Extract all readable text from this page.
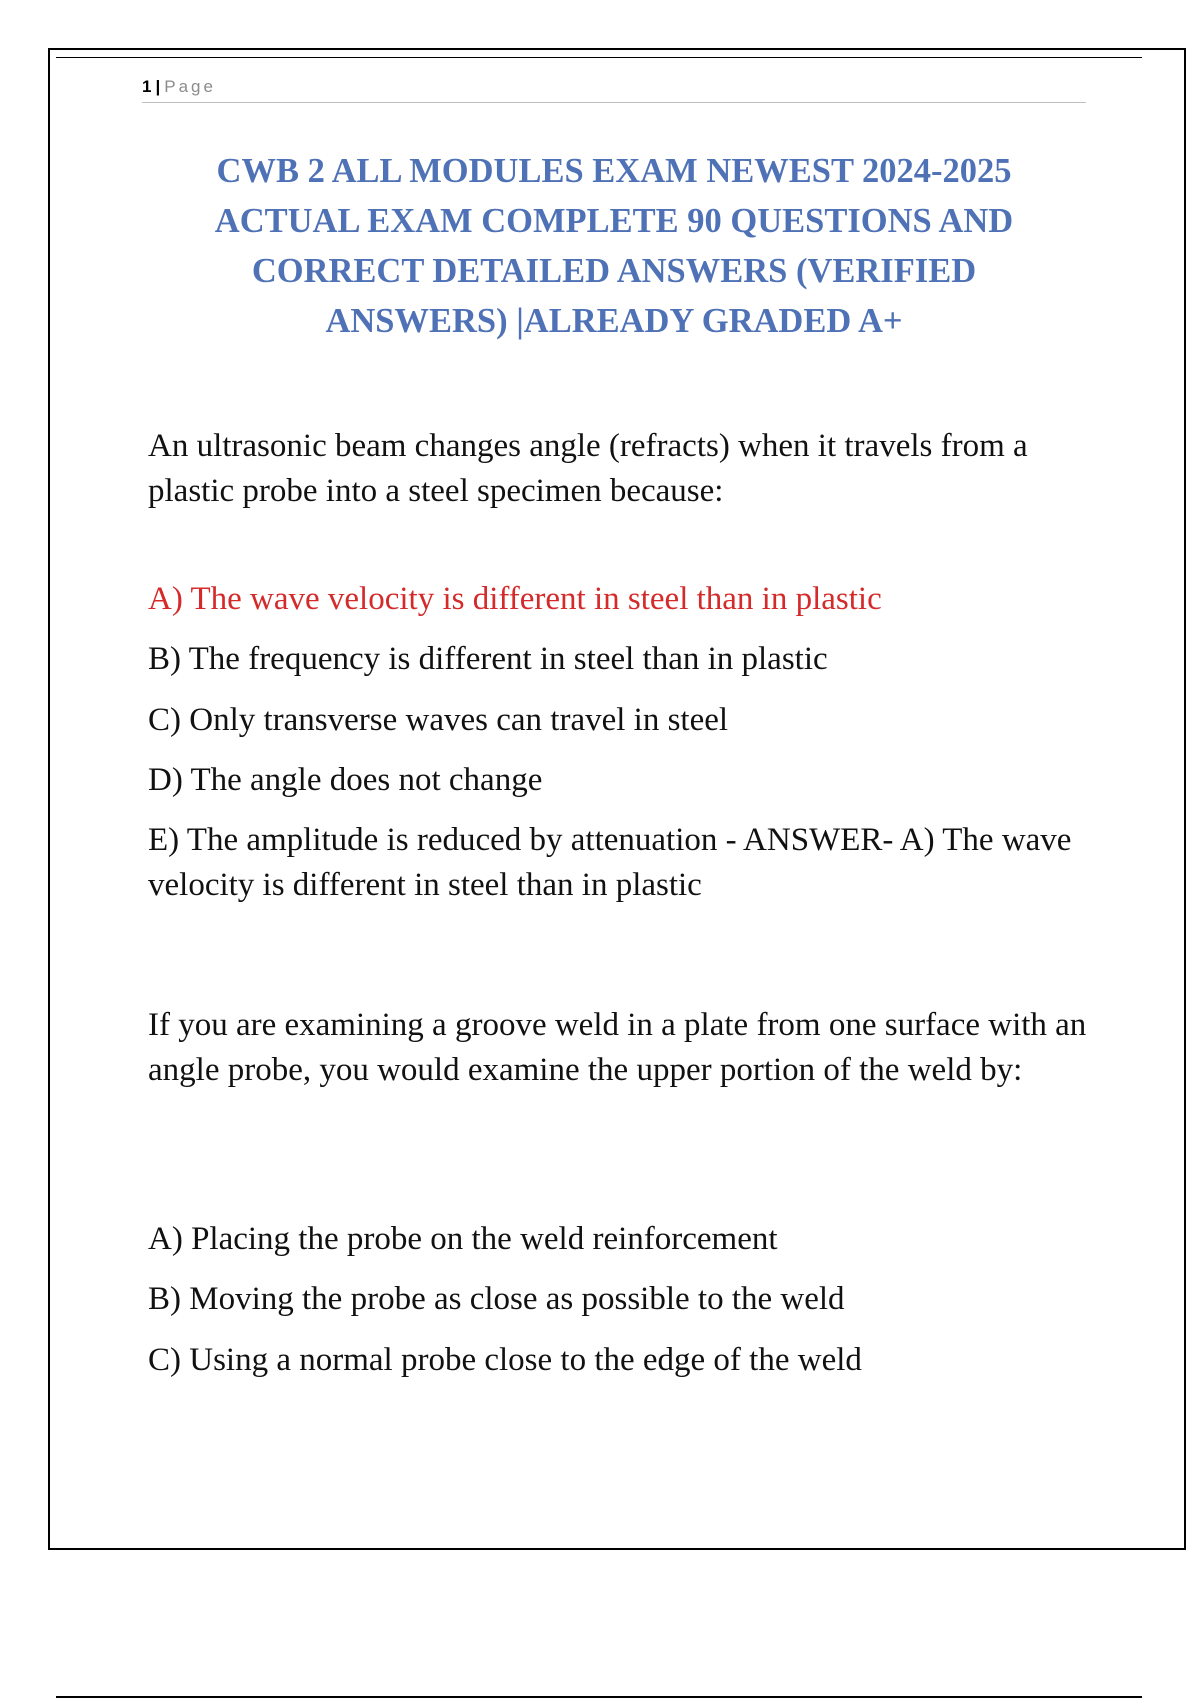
1 | Page
CWB 2 ALL MODULES EXAM NEWEST 2024-2025
ACTUAL EXAM COMPLETE 90 QUESTIONS AND
CORRECT DETAILED ANSWERS (VERIFIED
ANSWERS) |ALREADY GRADED A+

An ultrasonic beam changes angle (refracts) when it travels from a plastic probe into a steel specimen because:

A) The wave velocity is different in steel than in plastic

B) The frequency is different in steel than in plastic

C) Only transverse waves can travel in steel

D) The angle does not change

E) The amplitude is reduced by attenuation - ANSWER- A) The wave velocity is different in steel than in plastic

If you are examining a groove weld in a plate from one surface with an angle probe, you would examine the upper portion of the weld by:

A) Placing the probe on the weld reinforcement

B) Moving the probe as close as possible to the weld

C) Using a normal probe close to the edge of the weld
